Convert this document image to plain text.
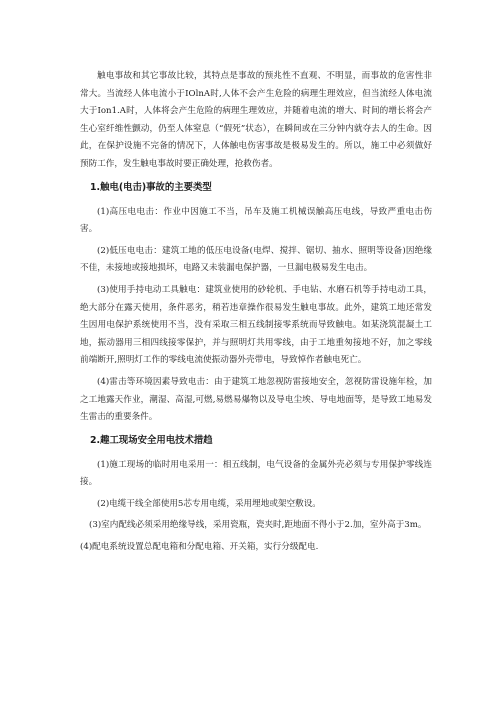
触电事故和其它事故比较，其特点是事故的预兆性不直观、不明显，而事故的危害性非常大。当流经人体电流小于IOlnA时,人体不会产生危险的病理生理效应，但当流经人体电流大于Ion1.A时，人体将会产生危险的病理生理效应，并随着电流的增大、时间的增长将会产生心室纤维性颤动，仍至人体窒息（“假死”状态），在瞬间或在三分钟内就夺去人的生命。因此，在保护设施不完备的情况下，人体触电伤害事故是极易发生的。所以，施工中必须做好预防工作，发生触电事故时要正确处理，抢救伤者。

1.触电(电击)事故的主要类型

(1)高压电电击：作业中因施工不当，吊车及施工机械误触高压电线，导致严重电击伤害。

(2)低压电电击：建筑工地的低压电设备(电焊、搅拌、锯切、抽水、照明等设备)因绝缘不佳，未接地或接地损坏，电路又未装漏电保护器，一旦漏电极易发生电击。

(3)使用手持电动工具触电：建筑业使用的砂轮机、手电钻、水磨石机等手持电动工具，绝大部分在露天使用，条件恶劣，稍若违章操作很易发生触电事故。此外，建筑工地还常发生因用电保护系统使用不当，没有采取三相五线制接零系统而导致触电。如某浇筑混凝土工地，振动器用三相四线接零保护，并与照明灯共用零线，由于工地重匆接地不好，加之零线前端断开,照明灯工作的零线电流使振动器外壳带电，导致悼作者触电死亡。

(4)雷击等环境因素导致电击：由于建筑工地忽视防雷接地安全，忽视防雷设施年检，加之工地露天作业，潮湿、高湿,可燃,易燃易爆物以及导电尘埃、导电地面等，是导致工地易发生雷击的重要条件。

2.趣工现场安全用电技术措趋

(1)施工现场的临时用电采用一：相五线制，电气设备的金属外壳必须与专用保护零线连接。

(2)电缆干线全部使用5芯专用电缆，采用埋地或架空敷设。

(3)室内配线必须采用绝缘导线，采用瓷瓶，瓷夹时,距地面不得小于2.加，室外高于3m。

(4)配电系统设置总配电箱和分配电箱、开关箱，实行分级配电.
